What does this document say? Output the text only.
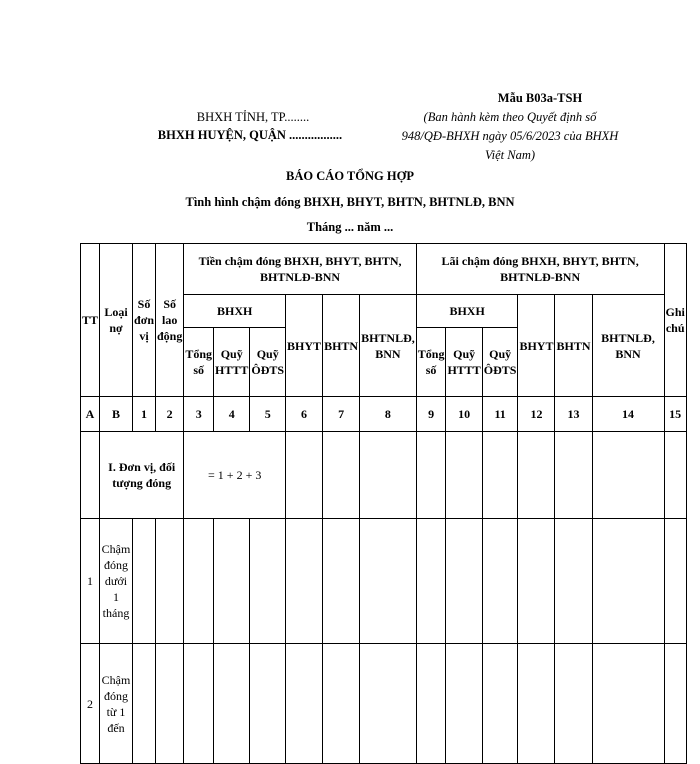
BHXH TỈNH, TP........
BHXH HUYỆN, QUẬN .................
Mẫu B03a-TSH
(Ban hành kèm theo Quyết định số 948/QĐ-BHXH ngày 05/6/2023 của BHXH Việt Nam)
BÁO CÁO TỔNG HỢP
Tình hình chậm đóng BHXH, BHYT, BHTN, BHTNLĐ, BNN
Tháng ... năm ...
TT	Loại nợ	Số đơn vị	Số lao động	Tiền chậm đóng BHXH, BHYT, BHTN, BHTNLĐ-BNN						Lãi chậm đóng BHXH, BHYT, BHTN, BHTNLĐ-BNN						Ghi chú
				BHXH			BHYT	BHTN	BHTNLĐ, BNN	BHXH			BHYT	BHTN	BHTNLĐ, BNN	
				Tổng số	Quỹ HTTT	Quỹ ÔĐTS				Tổng số	Quỹ HTTT	Quỹ ÔĐTS				
A	B	1	2	3	4	5	6	7	8	9	10	11	12	13	14	15
	I. Đơn vị, đối tượng đóng			= 1 + 2 + 3												
1	Chậm đóng dưới 1 tháng															
2	Chậm đóng từ 1 đến															
